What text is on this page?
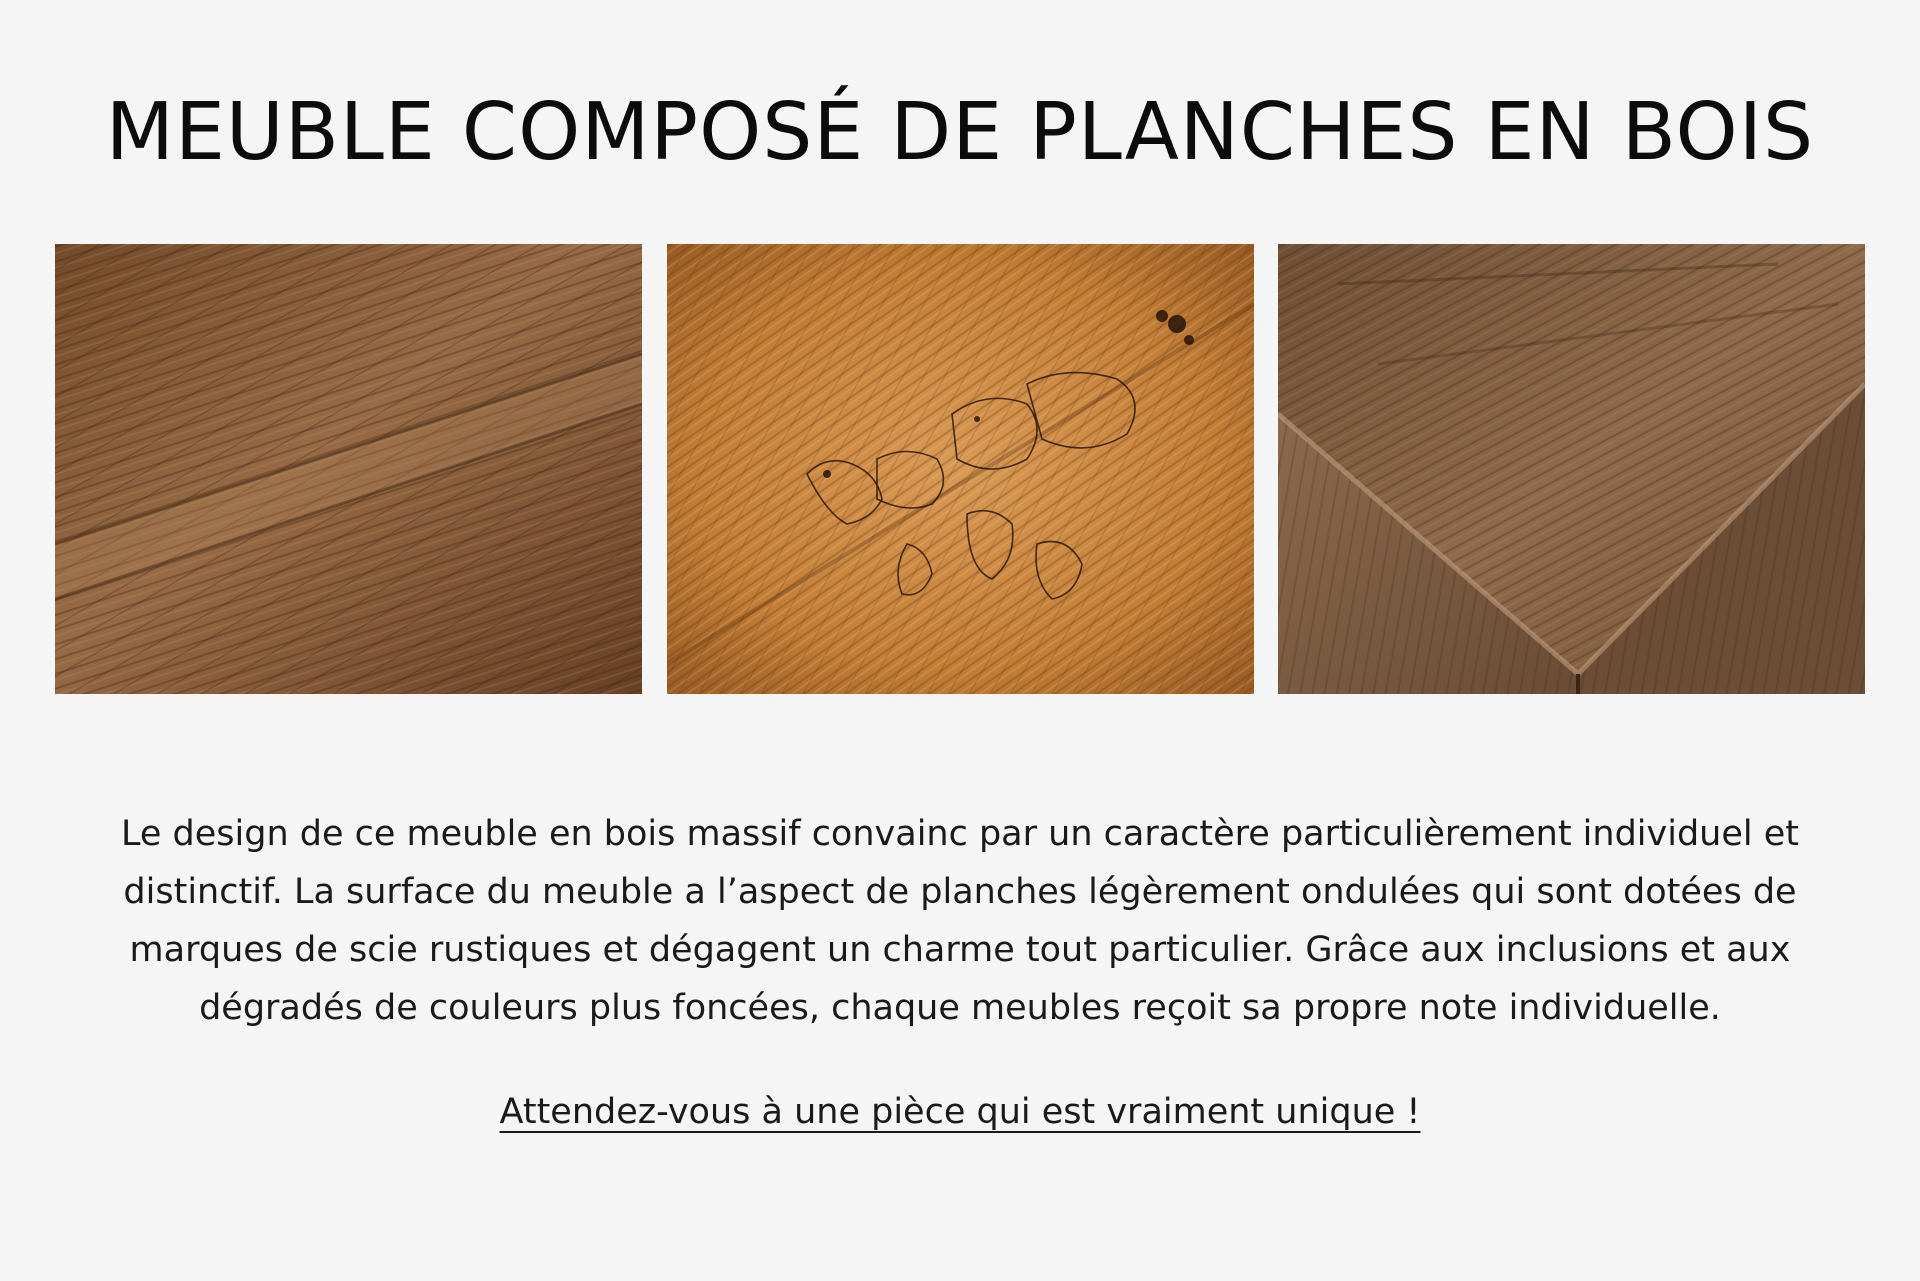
MEUBLE COMPOSÉ DE PLANCHES EN BOIS

Le design de ce meuble en bois massif convainc par un caractère particulièrement individuel et
distinctif. La surface du meuble a l’aspect de planches légèrement ondulées qui sont dotées de
marques de scie rustiques et dégagent un charme tout particulier. Grâce aux inclusions et aux
dégradés de couleurs plus foncées, chaque meubles reçoit sa propre note individuelle.

Attendez-vous à une pièce qui est vraiment unique !
